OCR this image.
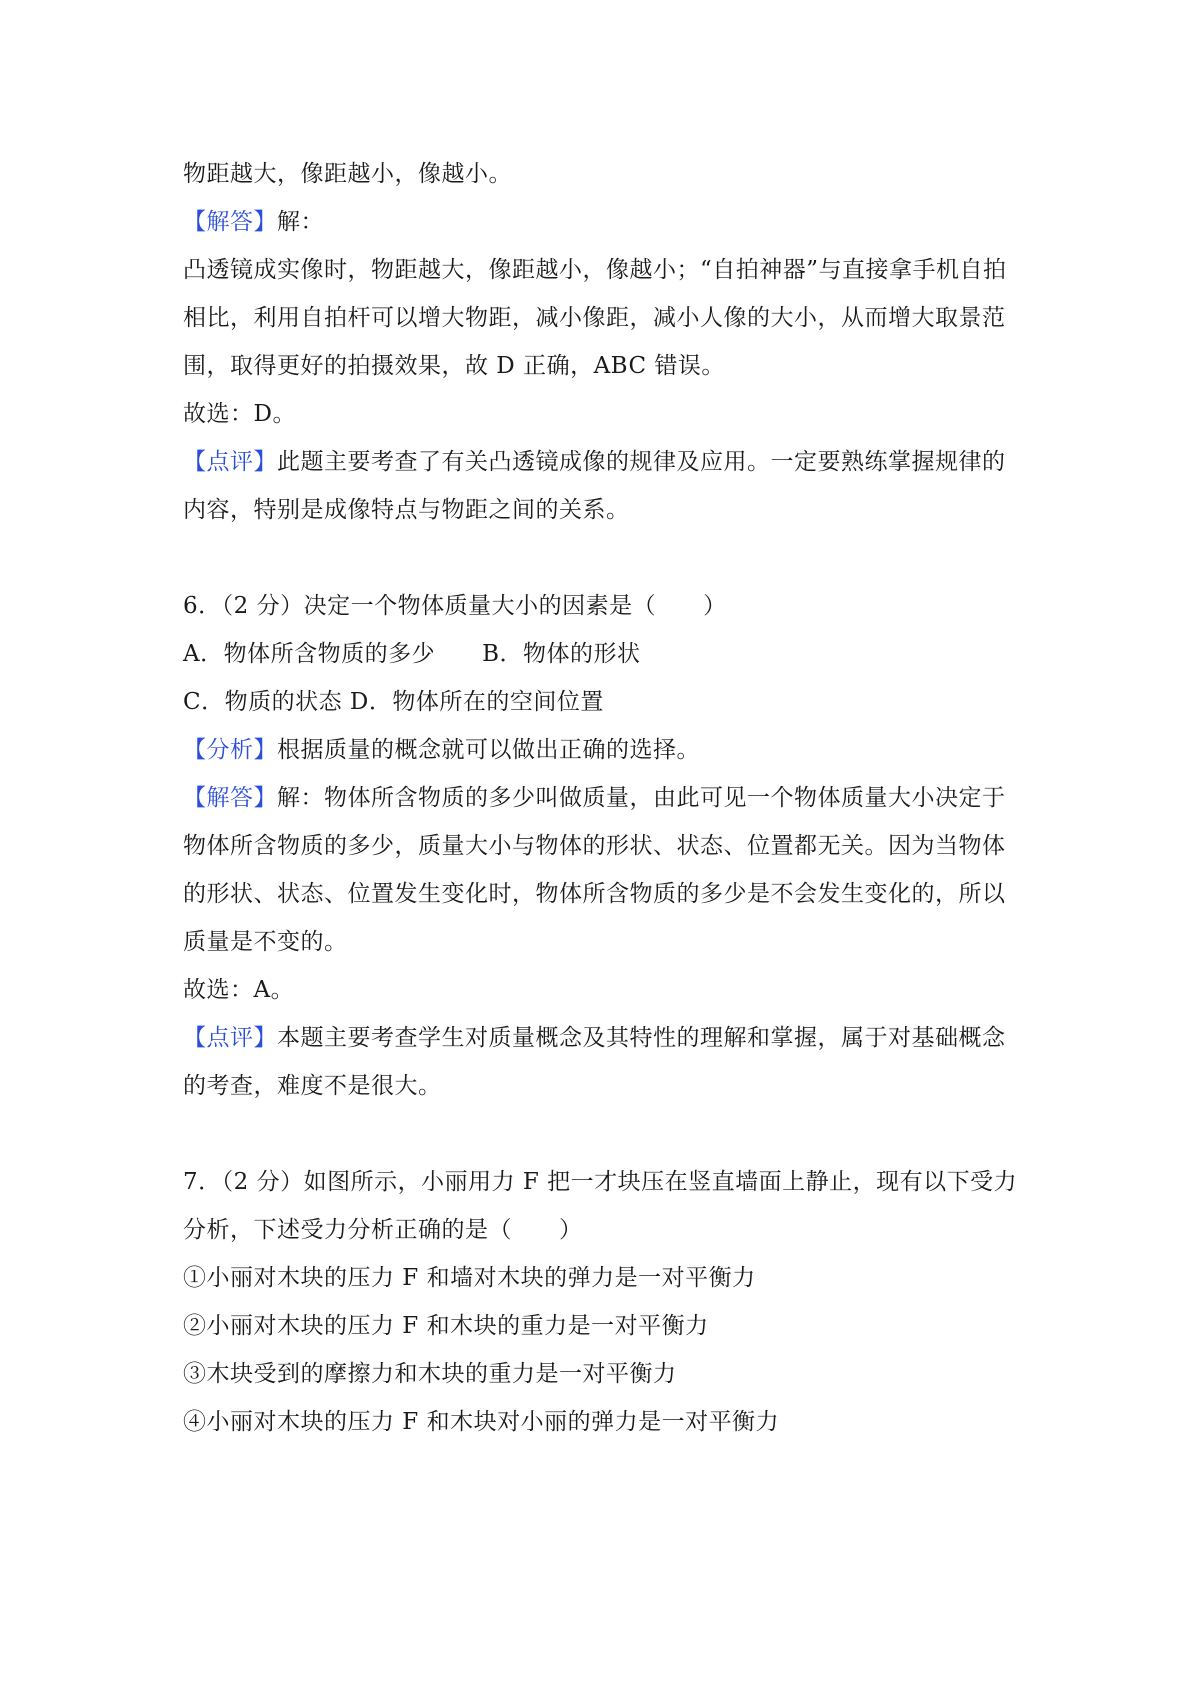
物距越大，像距越小，像越小。
【解答】解：
凸透镜成实像时，物距越大，像距越小，像越小；“自拍神器”与直接拿手机自拍
相比，利用自拍杆可以增大物距，减小像距，减小人像的大小，从而增大取景范
围，取得更好的拍摄效果，故 D 正确，ABC 错误。
故选：D。
【点评】此题主要考查了有关凸透镜成像的规律及应用。一定要熟练掌握规律的
内容，特别是成像特点与物距之间的关系。
6．（2 分）决定一个物体质量大小的因素是（　　）
A．物体所含物质的多少　　B．物体的形状
C．物质的状态 D．物体所在的空间位置
【分析】根据质量的概念就可以做出正确的选择。
【解答】解：物体所含物质的多少叫做质量，由此可见一个物体质量大小决定于
物体所含物质的多少，质量大小与物体的形状、状态、位置都无关。因为当物体
的形状、状态、位置发生变化时，物体所含物质的多少是不会发生变化的，所以
质量是不变的。
故选：A。
【点评】本题主要考查学生对质量概念及其特性的理解和掌握，属于对基础概念
的考查，难度不是很大。
7．（2 分）如图所示，小丽用力 F 把一才块压在竖直墙面上静止，现有以下受力
分析，下述受力分析正确的是（　　）
①小丽对木块的压力 F 和墙对木块的弹力是一对平衡力
②小丽对木块的压力 F 和木块的重力是一对平衡力
③木块受到的摩擦力和木块的重力是一对平衡力
④小丽对木块的压力 F 和木块对小丽的弹力是一对平衡力
